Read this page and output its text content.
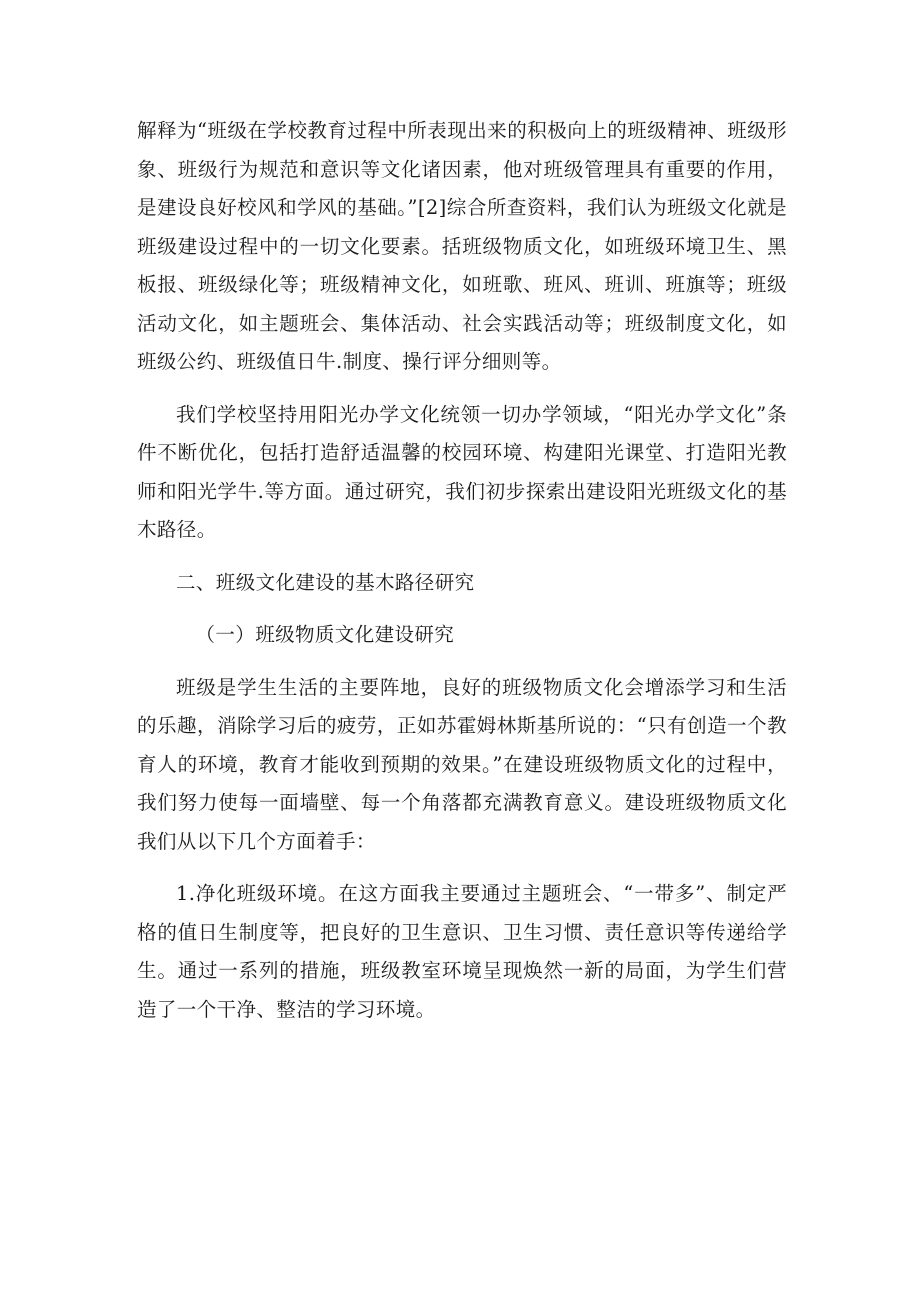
解释为“班级在学校教育过程中所表现出来的积极向上的班级精神、班级形象、班级行为规范和意识等文化诸因素，他对班级管理具有重要的作用，是建设良好校风和学风的基础。”[2]综合所查资料，我们认为班级文化就是班级建设过程中的一切文化要素。括班级物质文化，如班级环境卫生、黑板报、班级绿化等；班级精神文化，如班歌、班风、班训、班旗等；班级活动文化，如主题班会、集体活动、社会实践活动等；班级制度文化，如班级公约、班级值日牛.制度、操行评分细则等。

我们学校坚持用阳光办学文化统领一切办学领域，“阳光办学文化”条件不断优化，包括打造舒适温馨的校园环境、构建阳光课堂、打造阳光教师和阳光学牛.等方面。通过研究，我们初步探索出建设阳光班级文化的基木路径。

二、班级文化建设的基木路径研究

（一）班级物质文化建设研究

班级是学生生活的主要阵地，良好的班级物质文化会增添学习和生活的乐趣，消除学习后的疲劳，正如苏霍姆林斯基所说的：“只有创造一个教育人的环境，教育才能收到预期的效果。”在建设班级物质文化的过程中，我们努力使每一面墙壁、每一个角落都充满教育意义。建设班级物质文化我们从以下几个方面着手：

1.净化班级环境。在这方面我主要通过主题班会、“一带多”、制定严格的值日生制度等，把良好的卫生意识、卫生习惯、责任意识等传递给学生。通过一系列的措施，班级教室环境呈现焕然一新的局面，为学生们营造了一个干净、整洁的学习环境。
